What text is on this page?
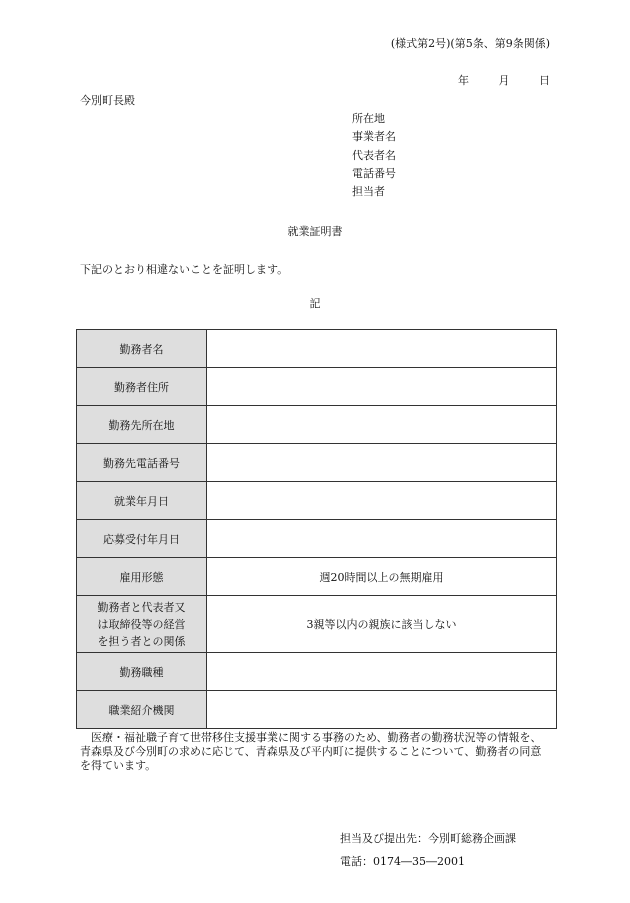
(様式第2号)(第5条、第9条関係)
年	月	日
今別町長殿
所在地
事業者名
代表者名
電話番号
担当者
就業証明書
下記のとおり相違ないことを証明します。
記
勤務者名	
勤務者住所	
勤務先所在地	
勤務先電話番号	
就業年月日	
応募受付年月日	
雇用形態	週20時間以上の無期雇用

勤務者と代表者又
は取締役等の経営
を担う者との関係	3親等以内の親族に該当しない
勤務職種	
職業紹介機関	
医療・福祉職子育て世帯移住支援事業に関する事務のため、勤務者の勤務状況等の情報を、青森県及び今別町の求めに応じて、青森県及び平内町に提供することについて、勤務者の同意を得ています。
担当及び提出先：今別町総務企画課
電話：0174―35―2001
